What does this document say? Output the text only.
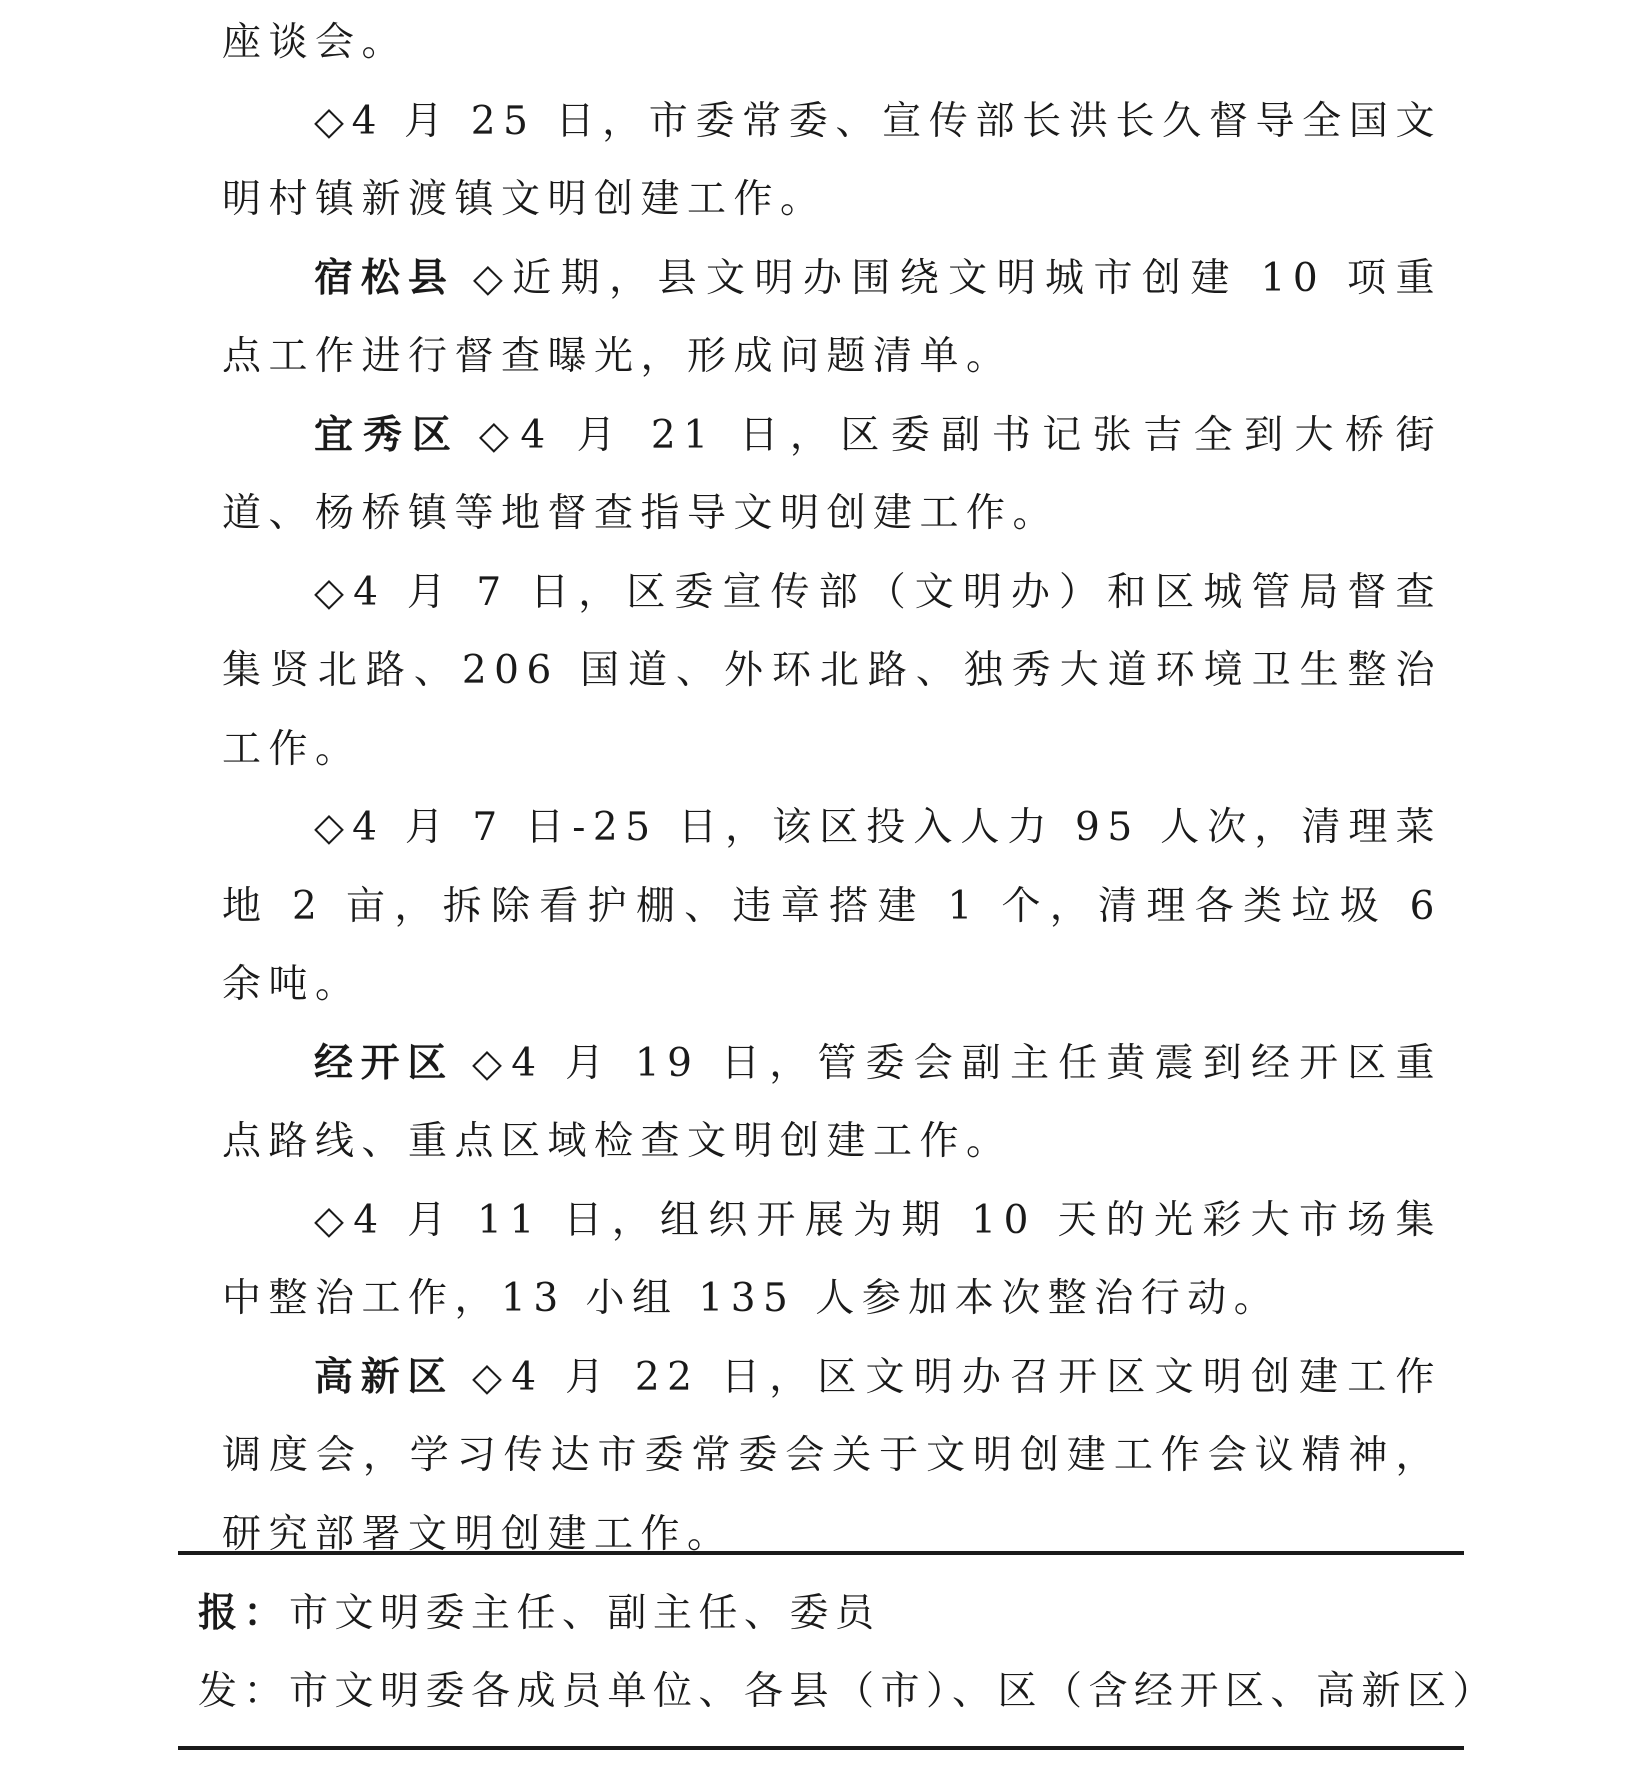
座谈会。

◇4 月 25 日，市委常委、宣传部长洪长久督导全国文明村镇新渡镇文明创建工作。

宿松县 ◇近期，县文明办围绕文明城市创建 10 项重点工作进行督查曝光，形成问题清单。

宜秀区 ◇4 月 21 日，区委副书记张吉全到大桥街道、杨桥镇等地督查指导文明创建工作。

◇4 月 7 日，区委宣传部（文明办）和区城管局督查集贤北路、206 国道、外环北路、独秀大道环境卫生整治工作。

◇4 月 7 日-25 日，该区投入人力 95 人次，清理菜地 2 亩，拆除看护棚、违章搭建 1 个，清理各类垃圾 6 余吨。

经开区 ◇4 月 19 日，管委会副主任黄震到经开区重点路线、重点区域检查文明创建工作。

◇4 月 11 日，组织开展为期 10 天的光彩大市场集中整治工作，13 小组 135 人参加本次整治行动。

高新区 ◇4 月 22 日，区文明办召开区文明创建工作调度会，学习传达市委常委会关于文明创建工作会议精神，研究部署文明创建工作。

报：市文明委主任、副主任、委员
发：市文明委各成员单位、各县（市）、区（含经开区、高新区）
